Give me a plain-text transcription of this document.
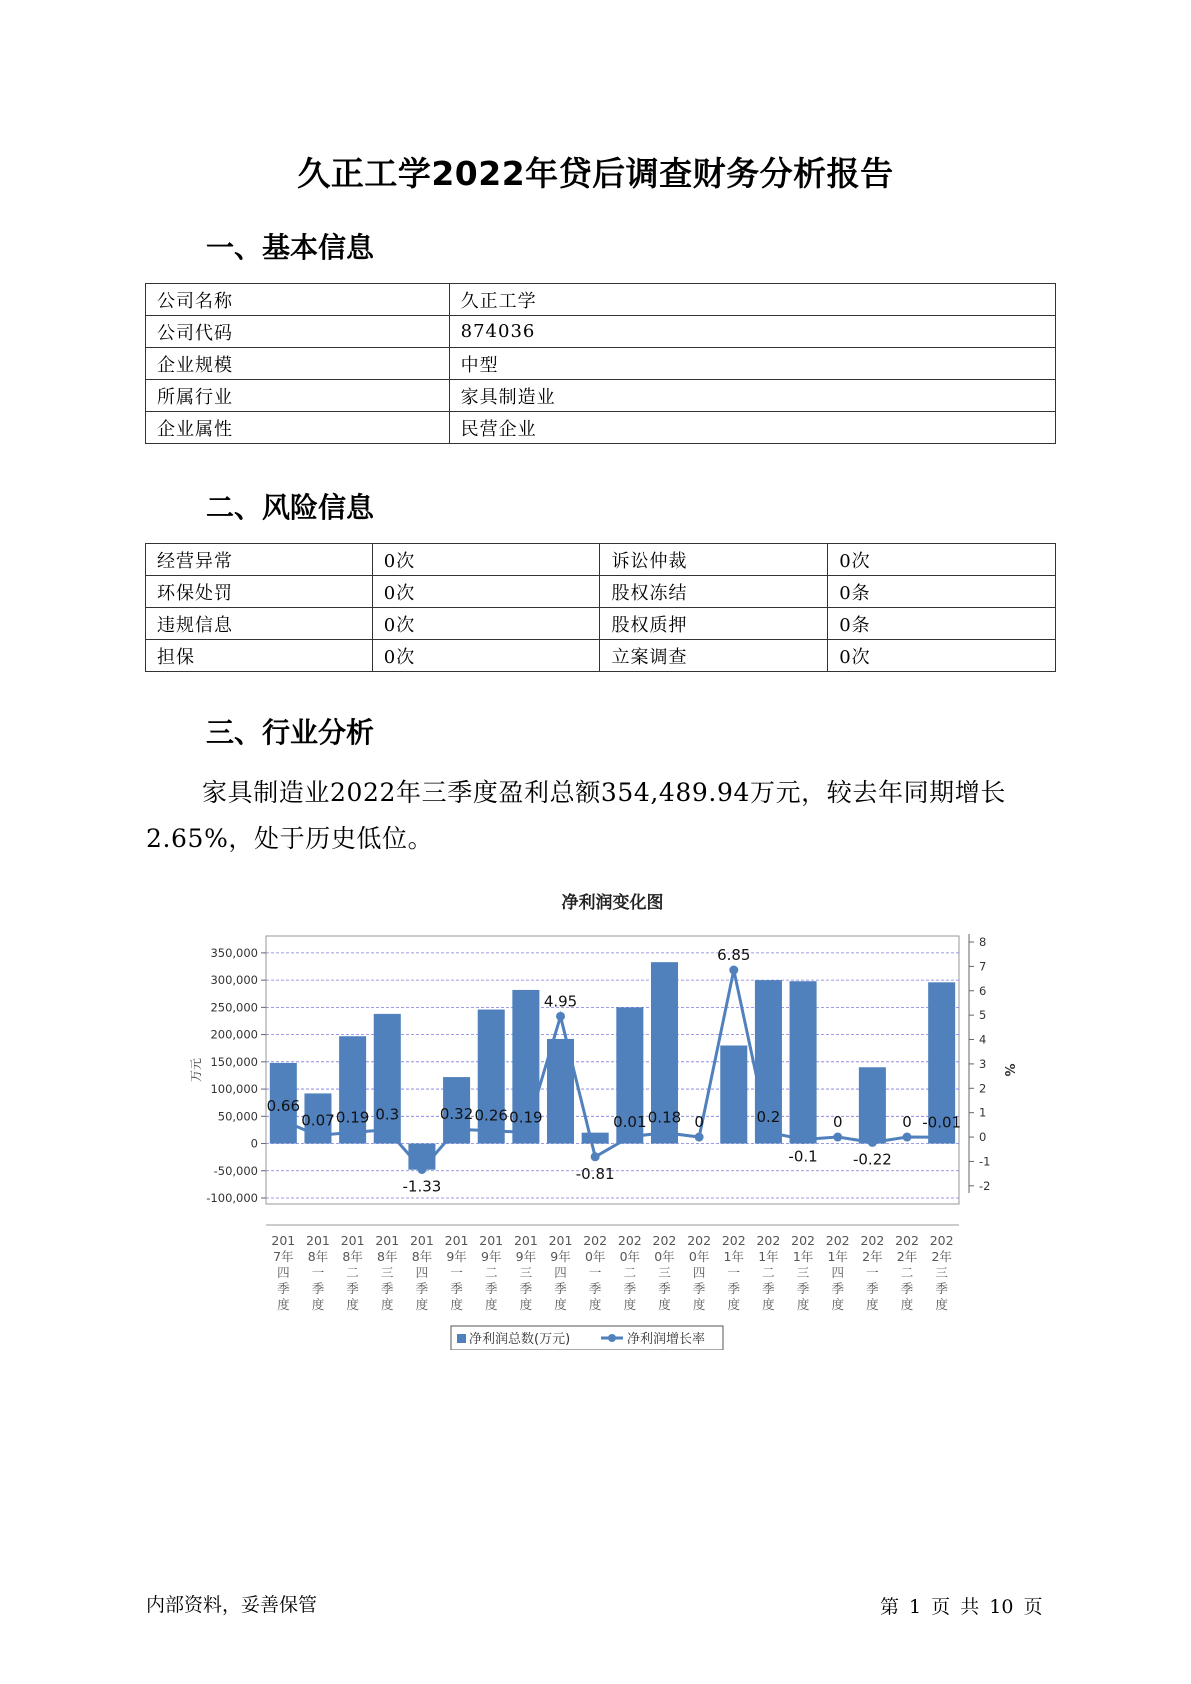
久正工学2022年贷后调查财务分析报告
一、基本信息
公司名称	久正工学
公司代码	874036
企业规模	中型
所属行业	家具制造业
企业属性	民营企业
二、风险信息
经营异常	0次	诉讼仲裁	0次
环保处罚	0次	股权冻结	0条
违规信息	0次	股权质押	0条
担保	0次	立案调查	0次
三、行业分析
家具制造业2022年三季度盈利总额354,489.94万元，较去年同期增长2.65%，处于历史低位。
净利润变化图
350,000
300,000
250,000
200,000
150,000
100,000
50,000
0
-50,000
-100,000
8
7
6
5
4
3
2
1
0
-1
-2
万元	%
0.66
0.07 0.19 0.3
-1.33
0.32 0.26 0.19
4.95
-0.81
0.01 0.18 0
6.85
0.2
-0.1
0
-0.22
0 -0.01
201
7年
四
季
度
201
8年
一
季
度
201
8年
二
季
度
201
8年
三
季
度
201
8年
四
季
度
201
9年
一
季
度
201
9年
二
季
度
201
9年
三
季
度
201
9年
四
季
度
202
0年
一
季
度
202
0年
二
季
度
202
0年
三
季
度
202
0年
四
季
度
202
1年
一
季
度
202
1年
二
季
度
202
1年
三
季
度
202
1年
四
季
度
202
2年
一
季
度
202
2年
二
季
度
202
2年
三
季
度
净利润总数(万元)	净利润增长率
内部资料，妥善保管	第 1 页 共 10 页
